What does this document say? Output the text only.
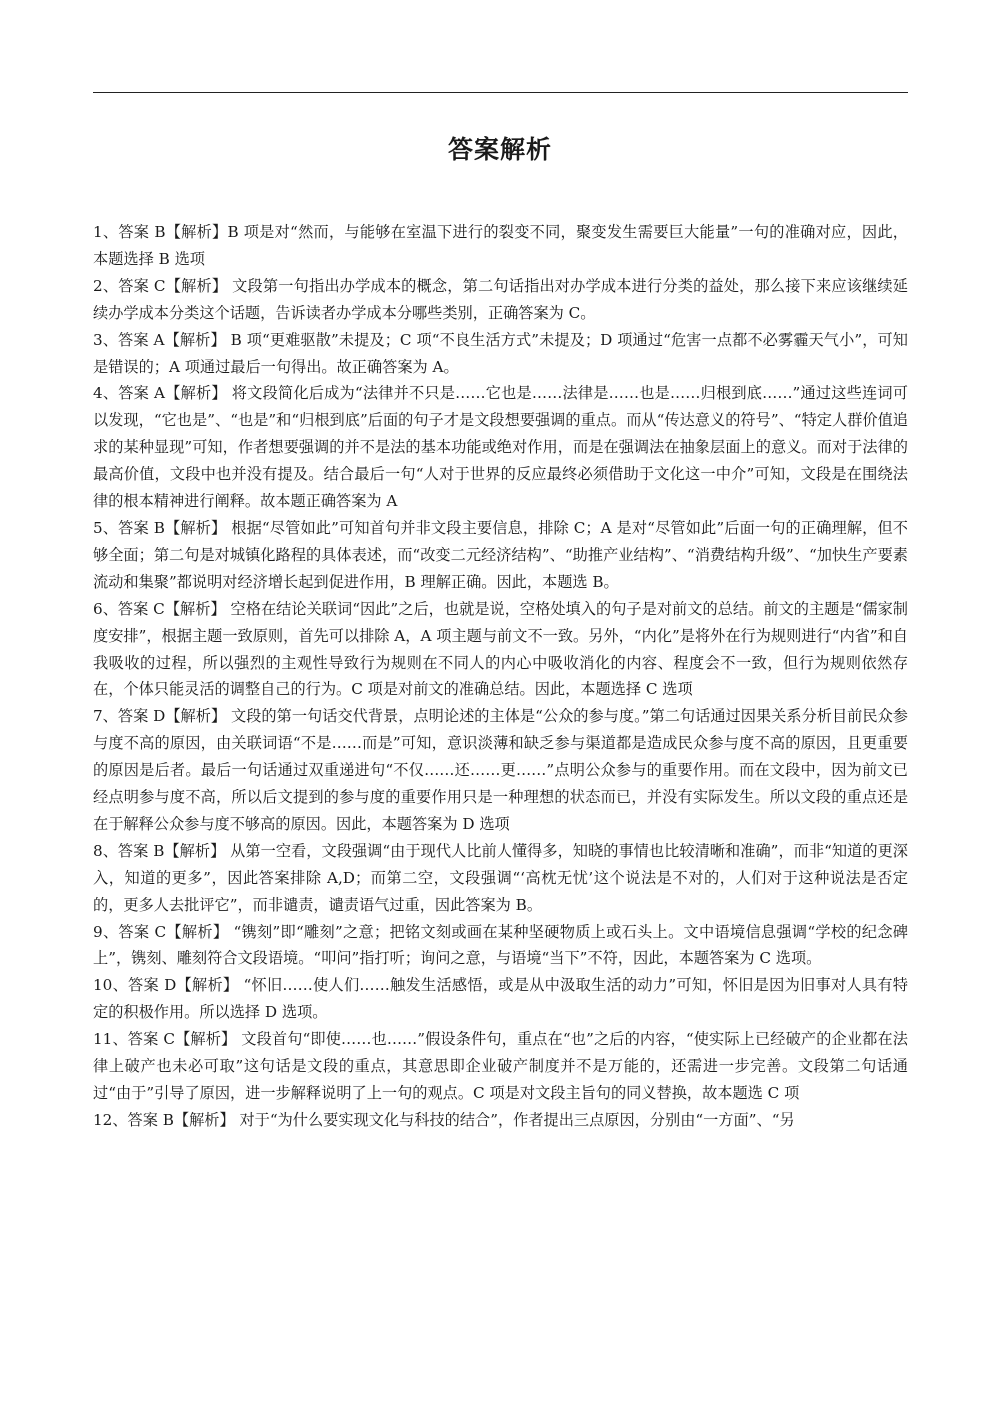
答案解析
1、答案 B【解析】B 项是对“然而，与能够在室温下进行的裂变不同，聚变发生需要巨大能量”一句的准确对应，因此，本题选择 B 选项
2、答案 C【解析】 文段第一句指出办学成本的概念，第二句话指出对办学成本进行分类的益处，那么接下来应该继续延续办学成本分类这个话题，告诉读者办学成本分哪些类别，正确答案为 C。
3、答案 A【解析】 B 项“更难驱散”未提及；C 项“不良生活方式”未提及；D 项通过“危害一点都不必雾霾天气小”，可知是错误的；A 项通过最后一句得出。故正确答案为 A。
4、答案 A【解析】 将文段简化后成为“法律并不只是……它也是……法律是……也是……归根到底……”通过这些连词可以发现，“它也是”、“也是”和“归根到底”后面的句子才是文段想要强调的重点。而从“传达意义的符号”、“特定人群价值追求的某种显现”可知，作者想要强调的并不是法的基本功能或绝对作用，而是在强调法在抽象层面上的意义。而对于法律的最高价值，文段中也并没有提及。结合最后一句“人对于世界的反应最终必须借助于文化这一中介”可知，文段是在围绕法律的根本精神进行阐释。故本题正确答案为 A
5、答案 B【解析】 根据“尽管如此”可知首句并非文段主要信息，排除 C；A 是对“尽管如此”后面一句的正确理解，但不够全面；第二句是对城镇化路程的具体表述，而“改变二元经济结构”、“助推产业结构”、“消费结构升级”、“加快生产要素流动和集聚”都说明对经济增长起到促进作用，B 理解正确。因此，本题选 B。
6、答案 C【解析】 空格在结论关联词“因此”之后，也就是说，空格处填入的句子是对前文的总结。前文的主题是“儒家制度安排”，根据主题一致原则，首先可以排除 A，A 项主题与前文不一致。另外，“内化”是将外在行为规则进行“内省”和自我吸收的过程，所以强烈的主观性导致行为规则在不同人的内心中吸收消化的内容、程度会不一致，但行为规则依然存在，个体只能灵活的调整自己的行为。C 项是对前文的准确总结。因此，本题选择 C 选项
7、答案 D【解析】 文段的第一句话交代背景，点明论述的主体是“公众的参与度。”第二句话通过因果关系分析目前民众参与度不高的原因，由关联词语“不是……而是”可知，意识淡薄和缺乏参与渠道都是造成民众参与度不高的原因，且更重要的原因是后者。最后一句话通过双重递进句“不仅……还……更……”点明公众参与的重要作用。而在文段中，因为前文已经点明参与度不高，所以后文提到的参与度的重要作用只是一种理想的状态而已，并没有实际发生。所以文段的重点还是在于解释公众参与度不够高的原因。因此，本题答案为 D 选项
8、答案 B【解析】 从第一空看，文段强调“由于现代人比前人懂得多，知晓的事情也比较清晰和准确”，而非“知道的更深入，知道的更多”，因此答案排除 A,D；而第二空，文段强调“‘高枕无忧’这个说法是不对的，人们对于这种说法是否定的，更多人去批评它”，而非谴责，谴责语气过重，因此答案为 B。
9、答案 C【解析】 “镌刻”即“雕刻”之意；把铭文刻或画在某种坚硬物质上或石头上。文中语境信息强调“学校的纪念碑上”，镌刻、雕刻符合文段语境。“叩问”指打听；询问之意，与语境“当下”不符，因此，本题答案为 C 选项。
10、答案 D【解析】 “怀旧……使人们……触发生活感悟，或是从中汲取生活的动力”可知，怀旧是因为旧事对人具有特定的积极作用。所以选择 D 选项。
11、答案 C【解析】 文段首句“即使……也……”假设条件句，重点在“也”之后的内容，“使实际上已经破产的企业都在法律上破产也未必可取”这句话是文段的重点，其意思即企业破产制度并不是万能的，还需进一步完善。文段第二句话通过“由于”引导了原因，进一步解释说明了上一句的观点。C 项是对文段主旨句的同义替换，故本题选 C 项
12、答案 B【解析】 对于“为什么要实现文化与科技的结合”，作者提出三点原因，分别由“一方面”、“另
